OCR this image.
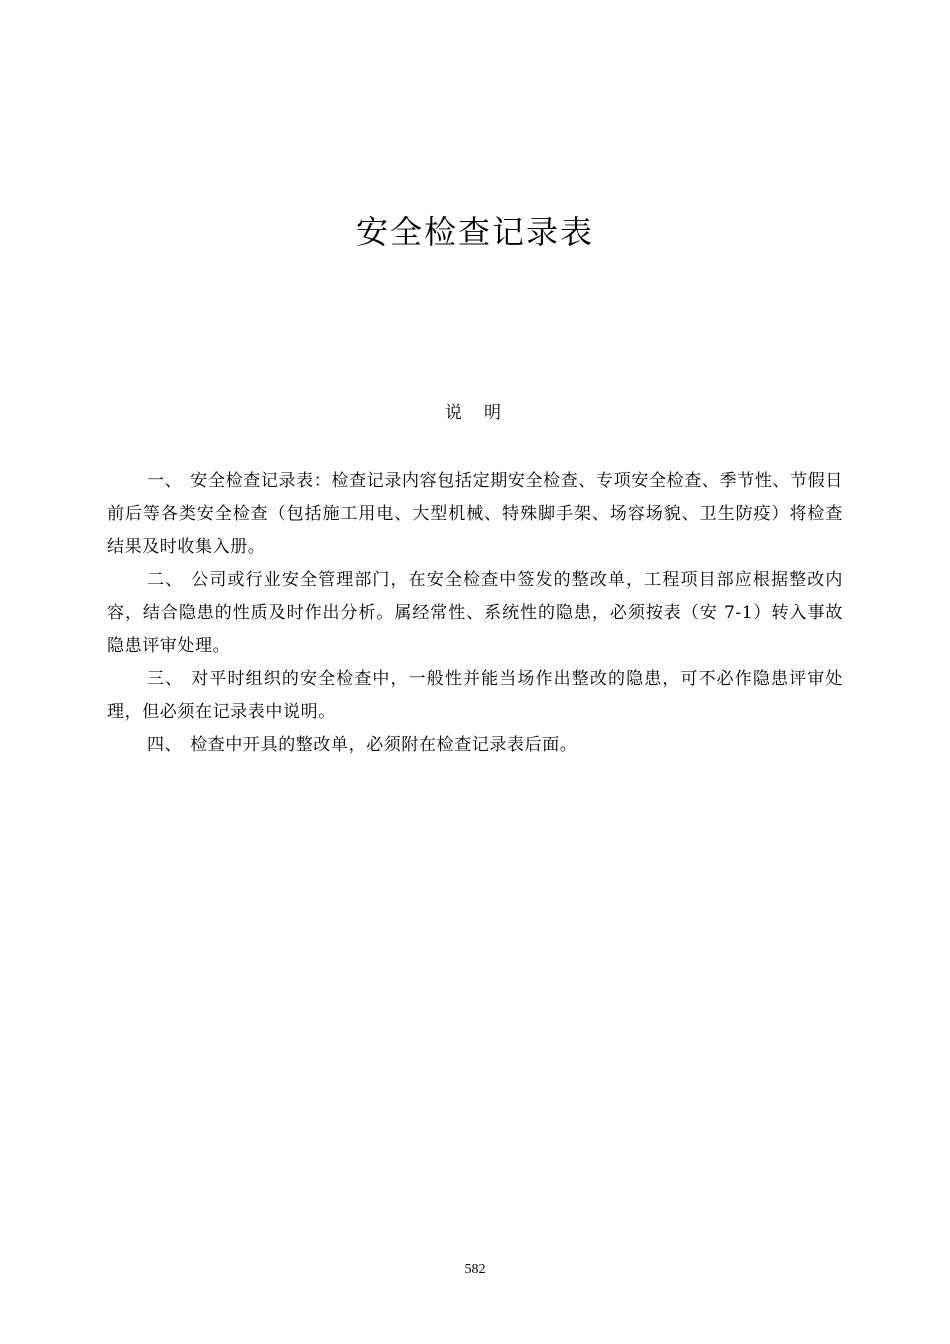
安全检查记录表
说明

一、 安全检查记录表：检查记录内容包括定期安全检查、专项安全检查、季节性、节假日前后等各类安全检查（包括施工用电、大型机械、特殊脚手架、场容场貌、卫生防疫）将检查结果及时收集入册。

二、 公司或行业安全管理部门，在安全检查中签发的整改单，工程项目部应根据整改内容，结合隐患的性质及时作出分析。属经常性、系统性的隐患，必须按表（安 7-1）转入事故隐患评审处理。

三、 对平时组织的安全检查中，一般性并能当场作出整改的隐患，可不必作隐患评审处理，但必须在记录表中说明。

四、 检查中开具的整改单，必须附在检查记录表后面。

582
